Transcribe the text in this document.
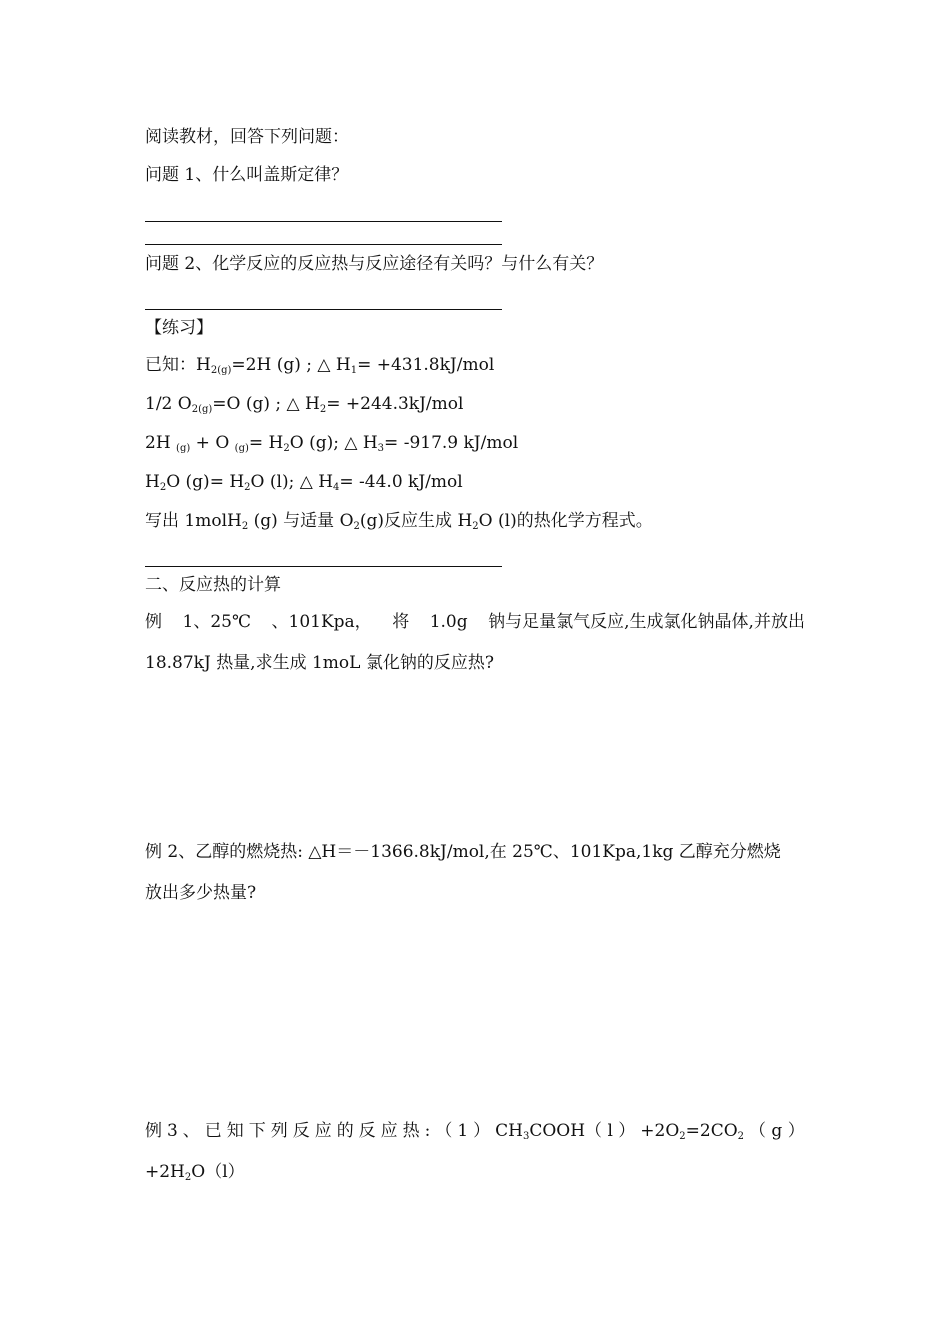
阅读教材，回答下列问题：
问题 1、什么叫盖斯定律？
问题 2、化学反应的反应热与反应途径有关吗？与什么有关？
【练习】
已知：$H_{2(g)}=2H$ (g) ; △ $H_1= +431.8kJ/mol$
1/2 $O_{2(g)}=O$ (g) ; △ $H_2= +244.3kJ/mol$
2H $_{(g)}$ + O $_{(g)}= H_2O$ (g); △ $H_3= -917.9$ kJ/mol
$H_2O$ $(g)= H_2O$ (l); △ $H_4= -44.0$ kJ/mol
写出 1molH$_2$ (g) 与适量 $O_2(g)$反应生成 $H_2O$ (l)的热化学方程式。
二、反应热的计算
例 1、25℃ 、101Kpa， 将 1.0g 钠与足量氯气反应,生成氯化钠晶体,并放出
18.87kJ 热量,求生成 1moL 氯化钠的反应热?
例 2、乙醇的燃烧热: △H＝－1366.8kJ/mol,在 25℃、101Kpa,1kg 乙醇充分燃烧
放出多少热量?
例 3 、 已 知 下 列 反 应 的 反 应 热 : （ 1 ） $CH_3COOH$（ l ） $+2O_2=2CO_2$ （ g ）
$+2H_2O(l)$
